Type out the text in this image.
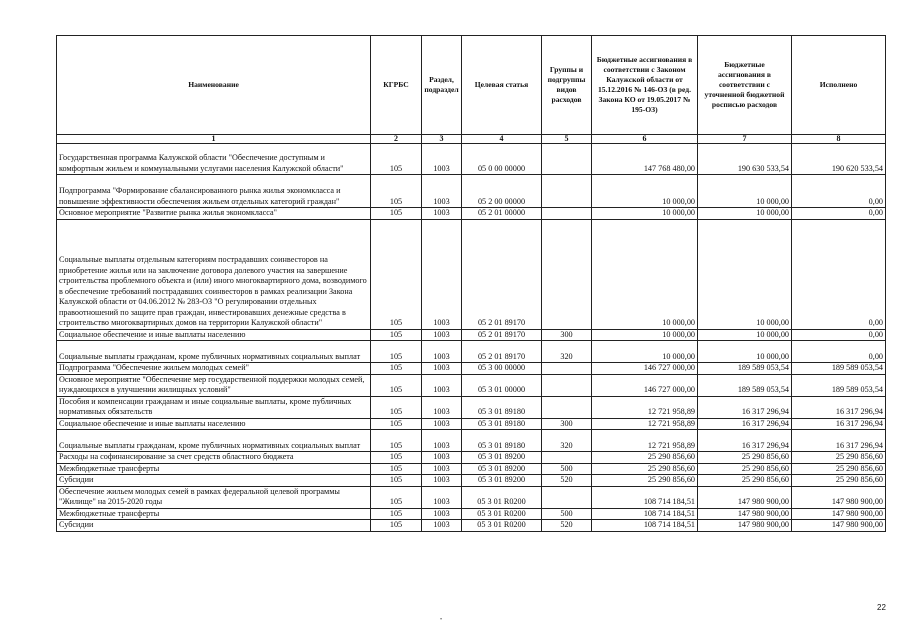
Наименование	КГРБС	Раздел, подраздел	Целевая статья	Группы и подгруппы видов расходов	Бюджетные ассигнования в соответствии с Законом Калужской области от 15.12.2016 № 146-ОЗ (в ред. Закона КО от 19.05.2017 № 195-ОЗ)	Бюджетные ассигнования в соответствии с уточненной бюджетной росписью расходов	Исполнено
1	2	3	4	5	6	7	8
Государственная программа Калужской области "Обеспечение доступным и комфортным жильем и коммунальными услугами населения Калужской области"	105	1003	05 0 00 00000		147 768 480,00	190 630 533,54	190 620 533,54
Подпрограмма "Формирование сбалансированного рынка жилья экономкласса и повышение эффективности обеспечения жильем отдельных категорий граждан"	105	1003	05 2 00 00000		10 000,00	10 000,00	0,00
Основное мероприятие "Развитие рынка жилья экономкласса"	105	1003	05 2 01 00000		10 000,00	10 000,00	0,00
Социальные выплаты отдельным категориям пострадавших соинвесторов на приобретение жилья или на заключение договора долевого участия на завершение строительства проблемного объекта и (или) иного многоквартирного дома, возводимого в обеспечение требований пострадавших соинвесторов в рамках реализации Закона Калужской области от 04.06.2012 № 283-ОЗ "О регулировании отдельных правоотношений по защите прав граждан, инвестировавших денежные средства в строительство многоквартирных домов на территории Калужской области"	105	1003	05 2 01 89170		10 000,00	10 000,00	0,00
Социальное обеспечение и иные выплаты населению	105	1003	05 2 01 89170	300	10 000,00	10 000,00	0,00
Социальные выплаты гражданам, кроме публичных нормативных социальных выплат	105	1003	05 2 01 89170	320	10 000,00	10 000,00	0,00
Подпрограмма "Обеспечение жильем молодых семей"	105	1003	05 3 00 00000		146 727 000,00	189 589 053,54	189 589 053,54
Основное мероприятие "Обеспечение мер государственной поддержки молодых семей, нуждающихся в улучшении жилищных условий"	105	1003	05 3 01 00000		146 727 000,00	189 589 053,54	189 589 053,54
Пособия и компенсации гражданам и иные социальные выплаты, кроме публичных нормативных обязательств	105	1003	05 3 01 89180		12 721 958,89	16 317 296,94	16 317 296,94
Социальное обеспечение и иные выплаты населению	105	1003	05 3 01 89180	300	12 721 958,89	16 317 296,94	16 317 296,94
Социальные выплаты гражданам, кроме публичных нормативных социальных выплат	105	1003	05 3 01 89180	320	12 721 958,89	16 317 296,94	16 317 296,94
Расходы на софинансирование за счет средств областного бюджета	105	1003	05 3 01 89200		25 290 856,60	25 290 856,60	25 290 856,60
Межбюджетные трансферты	105	1003	05 3 01 89200	500	25 290 856,60	25 290 856,60	25 290 856,60
Субсидии	105	1003	05 3 01 89200	520	25 290 856,60	25 290 856,60	25 290 856,60
Обеспечение жильем молодых семей в рамках федеральной целевой программы "Жилище" на 2015-2020 годы	105	1003	05 3 01 R0200		108 714 184,51	147 980 900,00	147 980 900,00
Межбюджетные трансферты	105	1003	05 3 01 R0200	500	108 714 184,51	147 980 900,00	147 980 900,00
Субсидии	105	1003	05 3 01 R0200	520	108 714 184,51	147 980 900,00	147 980 900,00
•
22
